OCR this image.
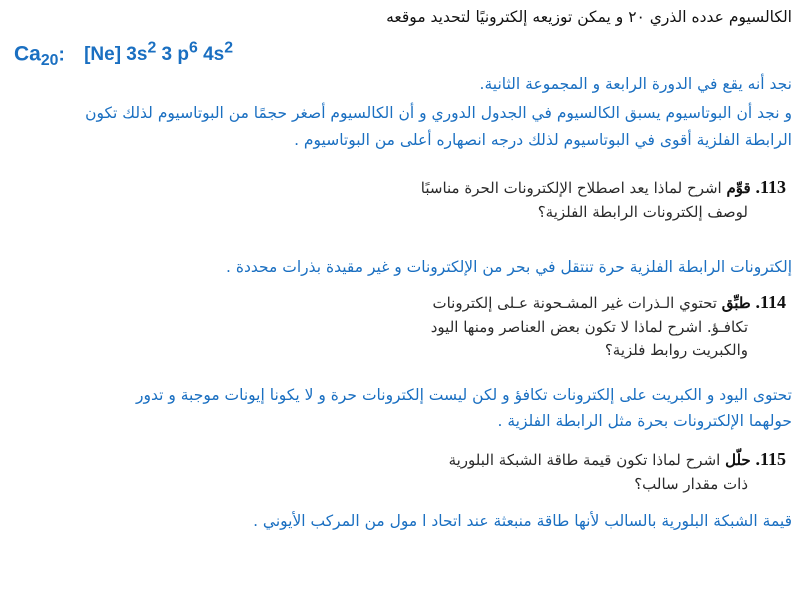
الكالسيوم عدده الذري ٢٠ و يمكن توزيعه إلكترونيًا لتحديد موقعه
$Ca_{20}$: [Ne] $3s^2$ 3 $p^6$ $4s^2$
نجد أنه يقع في الدورة الرابعة و المجموعة الثانية.
و نجد أن البوتاسيوم يسبق الكالسيوم في الجدول الدوري و أن الكالسيوم أصغر حجمًا من البوتاسيوم لذلك تكون
الرابطة الفلزية أقوى في البوتاسيوم لذلك درجه انصهاره أعلى من البوتاسيوم .
113. قوِّم اشرح لماذا يعد اصطلاح الإلكترونات الحرة مناسبًا
لوصف إلكترونات الرابطة الفلزية؟
إلكترونات الرابطة الفلزية حرة تنتقل في بحر من الإلكترونات و غير مقيدة بذرات محددة .
114. طبِّق تحتوي الـذرات غير المشـحونة عـلى إلكترونات
تكافـؤ. اشرح لماذا لا تكون بعض العناصر ومنها اليود
والكبريت روابط فلزية؟
تحتوى اليود و الكبريت على إلكترونات تكافؤ و لكن ليست إلكترونات حرة و لا يكونا إيونات موجبة و تدور
حولهما الإلكترونات بحرة مثل الرابطة الفلزية .
115. حلّل اشرح لماذا تكون قيمة طاقة الشبكة البلورية
ذات مقدار سالب؟
قيمة الشبكة البلورية بالسالب لأنها طاقة منبعثة عند اتحاد ا مول من المركب الأيوني .
